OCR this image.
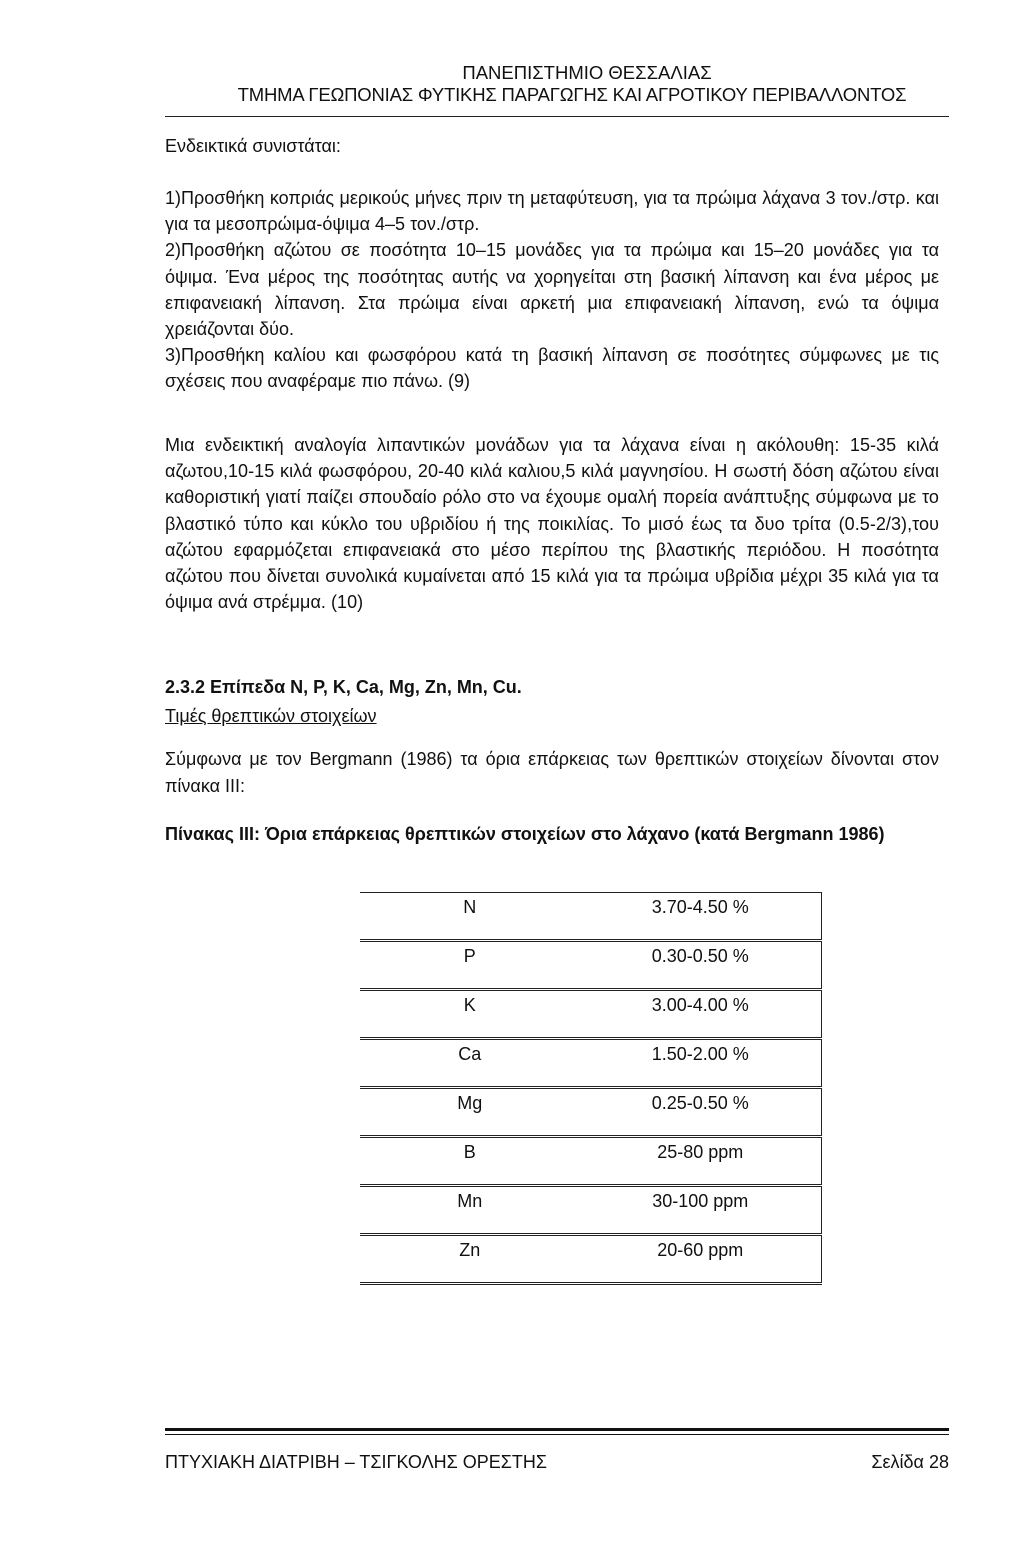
ΠΑΝΕΠΙΣΤΗΜΙΟ ΘΕΣΣΑΛΙΑΣ
ΤΜΗΜΑ ΓΕΩΠΟΝΙΑΣ ΦΥΤΙΚΗΣ ΠΑΡΑΓΩΓΗΣ ΚΑΙ ΑΓΡΟΤΙΚΟΥ ΠΕΡΙΒΑΛΛΟΝΤΟΣ

Ενδεικτικά συνιστάται:

1)Προσθήκη κοπριάς μερικούς μήνες πριν τη μεταφύτευση, για τα πρώιμα λάχανα 3 τον./στρ. και για τα μεσοπρώιμα-όψιμα 4–5 τον./στρ.

2)Προσθήκη αζώτου σε ποσότητα 10–15 μονάδες για τα πρώιμα και 15–20 μονάδες για τα όψιμα. Ένα μέρος της ποσότητας αυτής να χορηγείται στη βασική λίπανση και ένα μέρος με επιφανειακή λίπανση. Στα πρώιμα είναι αρκετή μια επιφανειακή λίπανση, ενώ τα όψιμα χρειάζονται δύο.

3)Προσθήκη καλίου και φωσφόρου κατά τη βασική λίπανση σε ποσότητες σύμφωνες με τις σχέσεις που αναφέραμε πιο πάνω. (9)

Μια ενδεικτική αναλογία λιπαντικών μονάδων για τα λάχανα είναι η ακόλουθη: 15-35 κιλά αζωτου,10-15 κιλά φωσφόρου, 20-40 κιλά καλιου,5 κιλά μαγνησίου. Η σωστή δόση αζώτου είναι καθοριστική γιατί παίζει σπουδαίο ρόλο στο να έχουμε ομαλή πορεία ανάπτυξης σύμφωνα με το βλαστικό τύπο και κύκλο του υβριδίου ή της ποικιλίας. Το μισό έως τα δυο τρίτα (0.5-2/3),του αζώτου εφαρμόζεται επιφανειακά στο μέσο περίπου της βλαστικής περιόδου. Η ποσότητα αζώτου που δίνεται συνολικά κυμαίνεται από 15 κιλά για τα πρώιμα υβρίδια μέχρι 35 κιλά για τα όψιμα ανά στρέμμα. (10)

2.3.2 Επίπεδα N, P, K, Ca, Mg, Zn, Mn, Cu.
Τιμές θρεπτικών στοιχείων

Σύμφωνα με τον Bergmann (1986) τα όρια επάρκειας των θρεπτικών στοιχείων δίνονται στον πίνακα ΙΙΙ:

Πίνακας ΙΙΙ: Όρια επάρκειας θρεπτικών στοιχείων στο λάχανο (κατά Bergmann 1986)
N	3.70-4.50 %
P	0.30-0.50 %
K	3.00-4.00 %
Ca	1.50-2.00 %
Mg	0.25-0.50 %
B	25-80 ppm
Mn	30-100 ppm
Zn	20-60 ppm
ΠΤΥΧΙΑΚΗ ΔΙΑΤΡΙΒΗ – ΤΣΙΓΚΟΛΗΣ ΟΡΕΣΤΗΣ	Σελίδα 28
